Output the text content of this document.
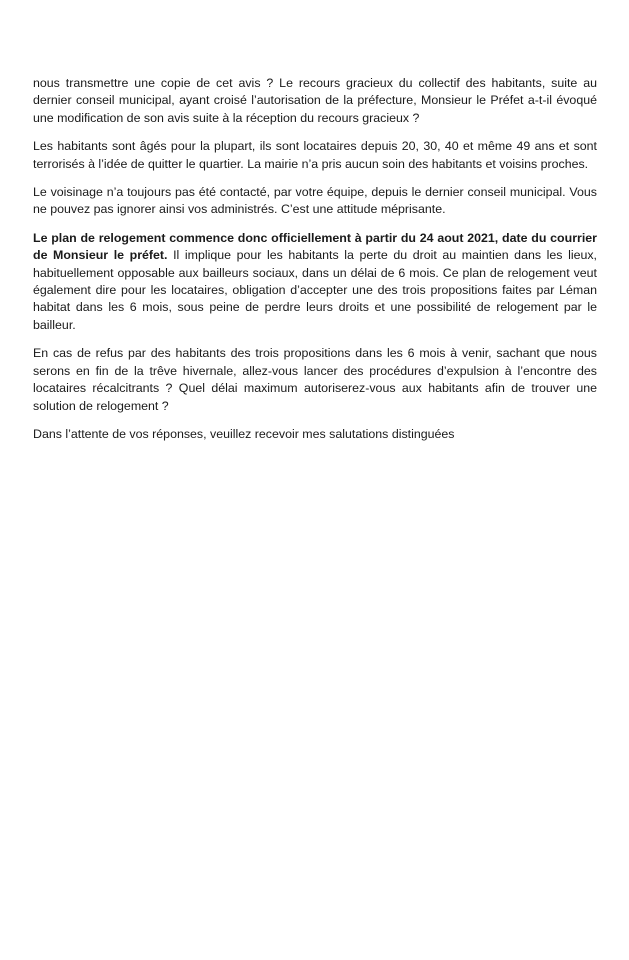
nous transmettre une copie de cet avis ? Le recours gracieux du collectif des habitants, suite au dernier conseil municipal, ayant croisé l’autorisation de la préfecture, Monsieur le Préfet a-t-il évoqué une modification de son avis suite à la réception du recours gracieux ?

Les habitants sont âgés pour la plupart, ils sont locataires depuis 20, 30, 40 et même 49 ans et sont terrorisés à l’idée de quitter le quartier. La mairie n’a pris aucun soin des habitants et voisins proches.

Le voisinage n’a toujours pas été contacté, par votre équipe, depuis le dernier conseil municipal. Vous ne pouvez pas ignorer ainsi vos administrés. C’est une attitude méprisante.

Le plan de relogement commence donc officiellement à partir du 24 aout 2021, date du courrier de Monsieur le préfet. Il implique pour les habitants la perte du droit au maintien dans les lieux, habituellement opposable aux bailleurs sociaux, dans un délai de 6 mois. Ce plan de relogement veut également dire pour les locataires, obligation d’accepter une des trois propositions faites par Léman habitat dans les 6 mois, sous peine de perdre leurs droits et une possibilité de relogement par le bailleur.

En cas de refus par des habitants des trois propositions dans les 6 mois à venir, sachant que nous serons en fin de la trêve hivernale, allez-vous lancer des procédures d’expulsion à l’encontre des locataires récalcitrants ? Quel délai maximum autoriserez-vous aux habitants afin de trouver une solution de relogement ?

Dans l’attente de vos réponses, veuillez recevoir mes salutations distinguées
